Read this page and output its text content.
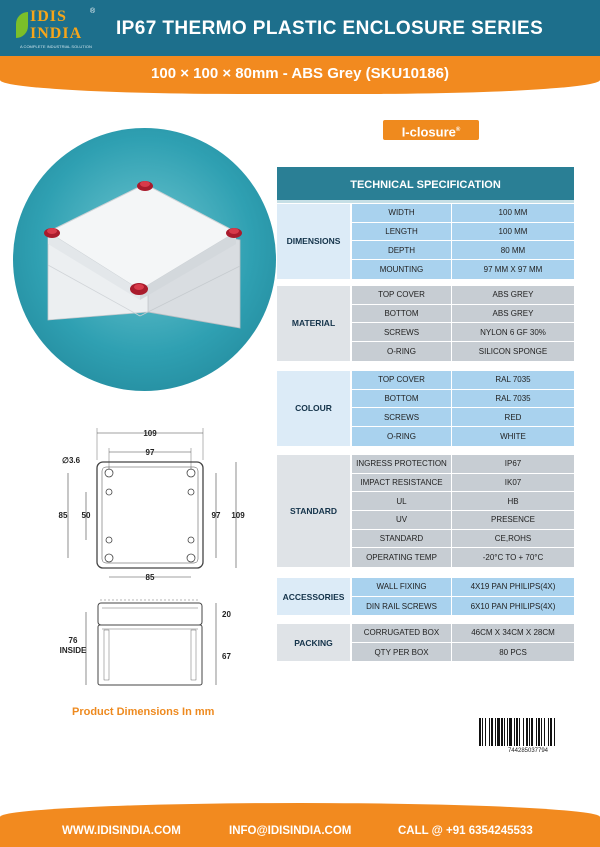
IDIS
INDIA
A COMPLETE INDUSTRIAL SOLUTION
®
IP67 THERMO PLASTIC ENCLOSURE SERIES
100 × 100 × 80mm - ABS Grey (SKU10186)
I-closure®
TECHNICAL SPECIFICATION
DIMENSIONS
WIDTH	100 MM
LENGTH	100 MM
DEPTH	80 MM
MOUNTING	97 MM X 97 MM
MATERIAL
TOP COVER	ABS GREY
BOTTOM	ABS GREY
SCREWS	NYLON 6 GF 30%
O-RING	SILICON SPONGE
COLOUR
TOP COVER	RAL 7035
BOTTOM	RAL 7035
SCREWS	RED
O-RING	WHITE
STANDARD
INGRESS PROTECTION	IP67
IMPACT RESISTANCE	IK07
UL	HB
UV	PRESENCE
STANDARD	CE,ROHS
OPERATING TEMP	-20°C TO + 70°C
ACCESSORIES
WALL FIXING	4X19 PAN PHILIPS(4X)
DIN RAIL SCREWS	6X10 PAN PHILIPS(4X)
PACKING
CORRUGATED BOX	46CM X 34CM X 28CM
QTY PER BOX	80 PCS
109
97
∅3.6
85 50	97 109
85
20
67
76
INSIDE
Product Dimensions In mm
744285037794
WWW.IDISINDIA.COM	INFO@IDISINDIA.COM	CALL @ +91 6354245533
